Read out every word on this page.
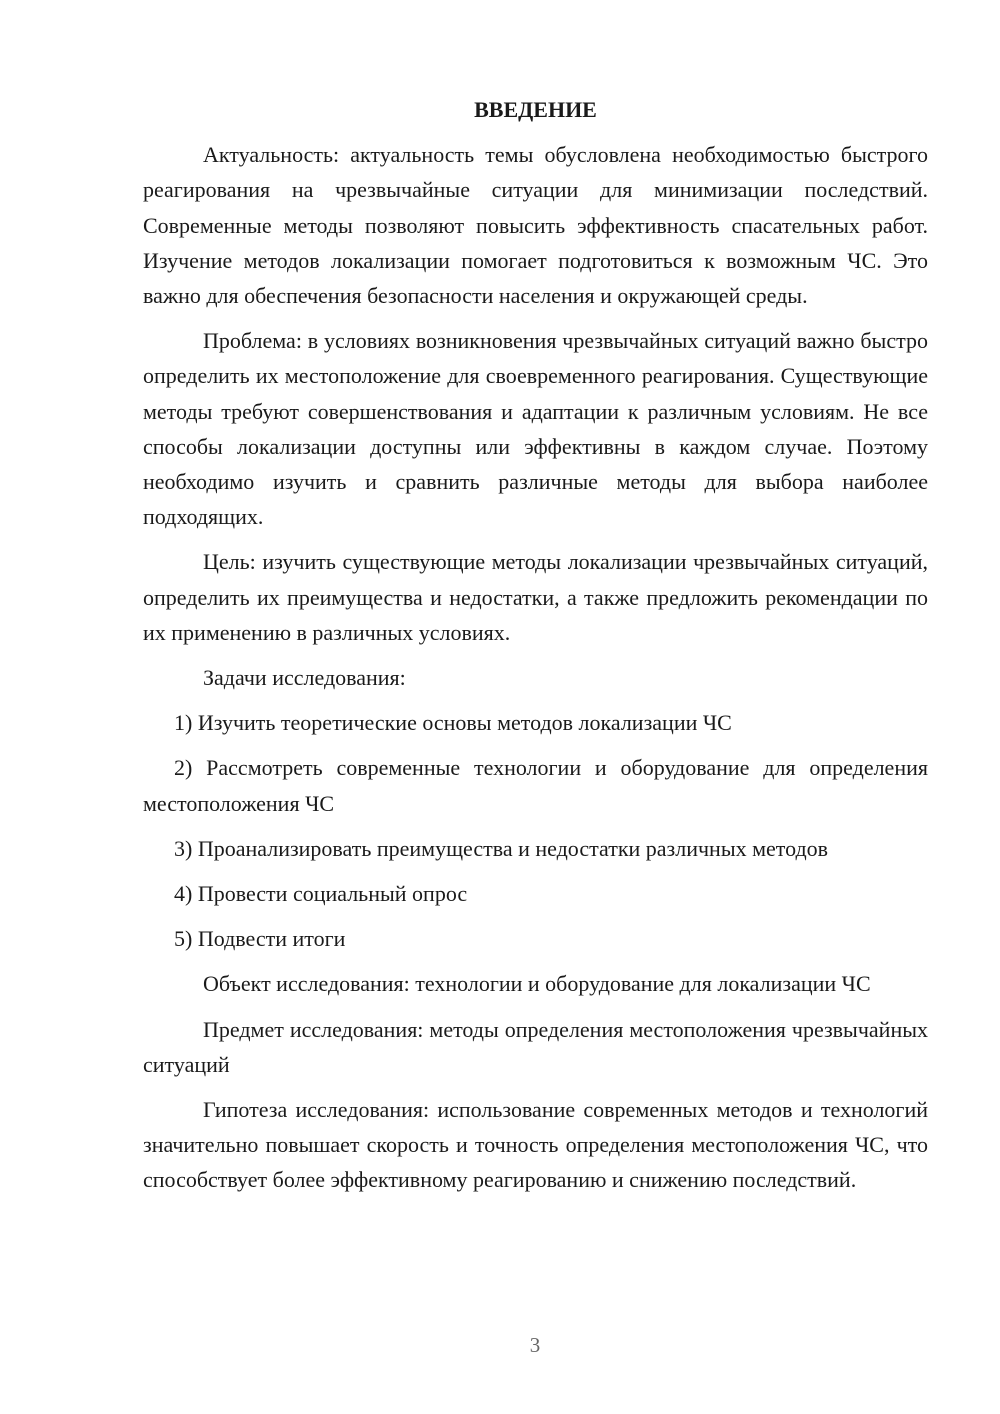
ВВЕДЕНИЕ

Актуальность: актуальность темы обусловлена необходимостью быстрого реагирования на чрезвычайные ситуации для минимизации последствий. Современные методы позволяют повысить эффективность спасательных работ. Изучение методов локализации помогает подготовиться к возможным ЧС. Это важно для обеспечения безопасности населения и окружающей среды.

Проблема: в условиях возникновения чрезвычайных ситуаций важно быстро определить их местоположение для своевременного реагирования. Существующие методы требуют совершенствования и адаптации к различным условиям. Не все способы локализации доступны или эффективны в каждом случае. Поэтому необходимо изучить и сравнить различные методы для выбора наиболее подходящих.

Цель: изучить существующие методы локализации чрезвычайных ситуаций, определить их преимущества и недостатки, а также предложить рекомендации по их применению в различных условиях.

Задачи исследования:

1) Изучить теоретические основы методов локализации ЧС

2) Рассмотреть современные технологии и оборудование для определения местоположения ЧС

3) Проанализировать преимущества и недостатки различных методов

4) Провести социальный опрос

5) Подвести итоги

Объект исследования: технологии и оборудование для локализации ЧС

Предмет исследования: методы определения местоположения чрезвычайных ситуаций

Гипотеза исследования: использование современных методов и технологий значительно повышает скорость и точность определения местоположения ЧС, что способствует более эффективному реагированию и снижению последствий.

3
